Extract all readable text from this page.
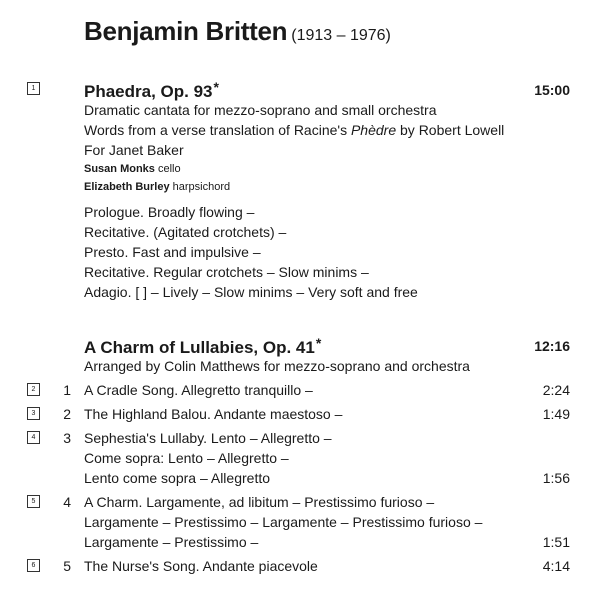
Benjamin Britten (1913 – 1976)
1	Phaedra, Op. 93*	15:00
Dramatic cantata for mezzo-soprano and small orchestra
Words from a verse translation of Racine's Phèdre by Robert Lowell
For Janet Baker
Susan Monks cello
Elizabeth Burley harpsichord
Prologue. Broadly flowing –
Recitative. (Agitated crotchets) –
Presto. Fast and impulsive –
Recitative. Regular crotchets – Slow minims –
Adagio. [ ] – Lively – Slow minims – Very soft and free
A Charm of Lullabies, Op. 41*	12:16
Arranged by Colin Matthews for mezzo-soprano and orchestra
2	1 A Cradle Song. Allegretto tranquillo –	2:24
3	2 The Highland Balou. Andante maestoso –	1:49
4	3 Sephestia's Lullaby. Lento – Allegretto –
Come sopra: Lento – Allegretto –
Lento come sopra – Allegretto	1:56
5	4 A Charm. Largamente, ad libitum – Prestissimo furioso –
Largamente – Prestissimo – Largamente – Prestissimo furioso –
Largamente – Prestissimo –	1:51
6	5 The Nurse's Song. Andante piacevole	4:14
